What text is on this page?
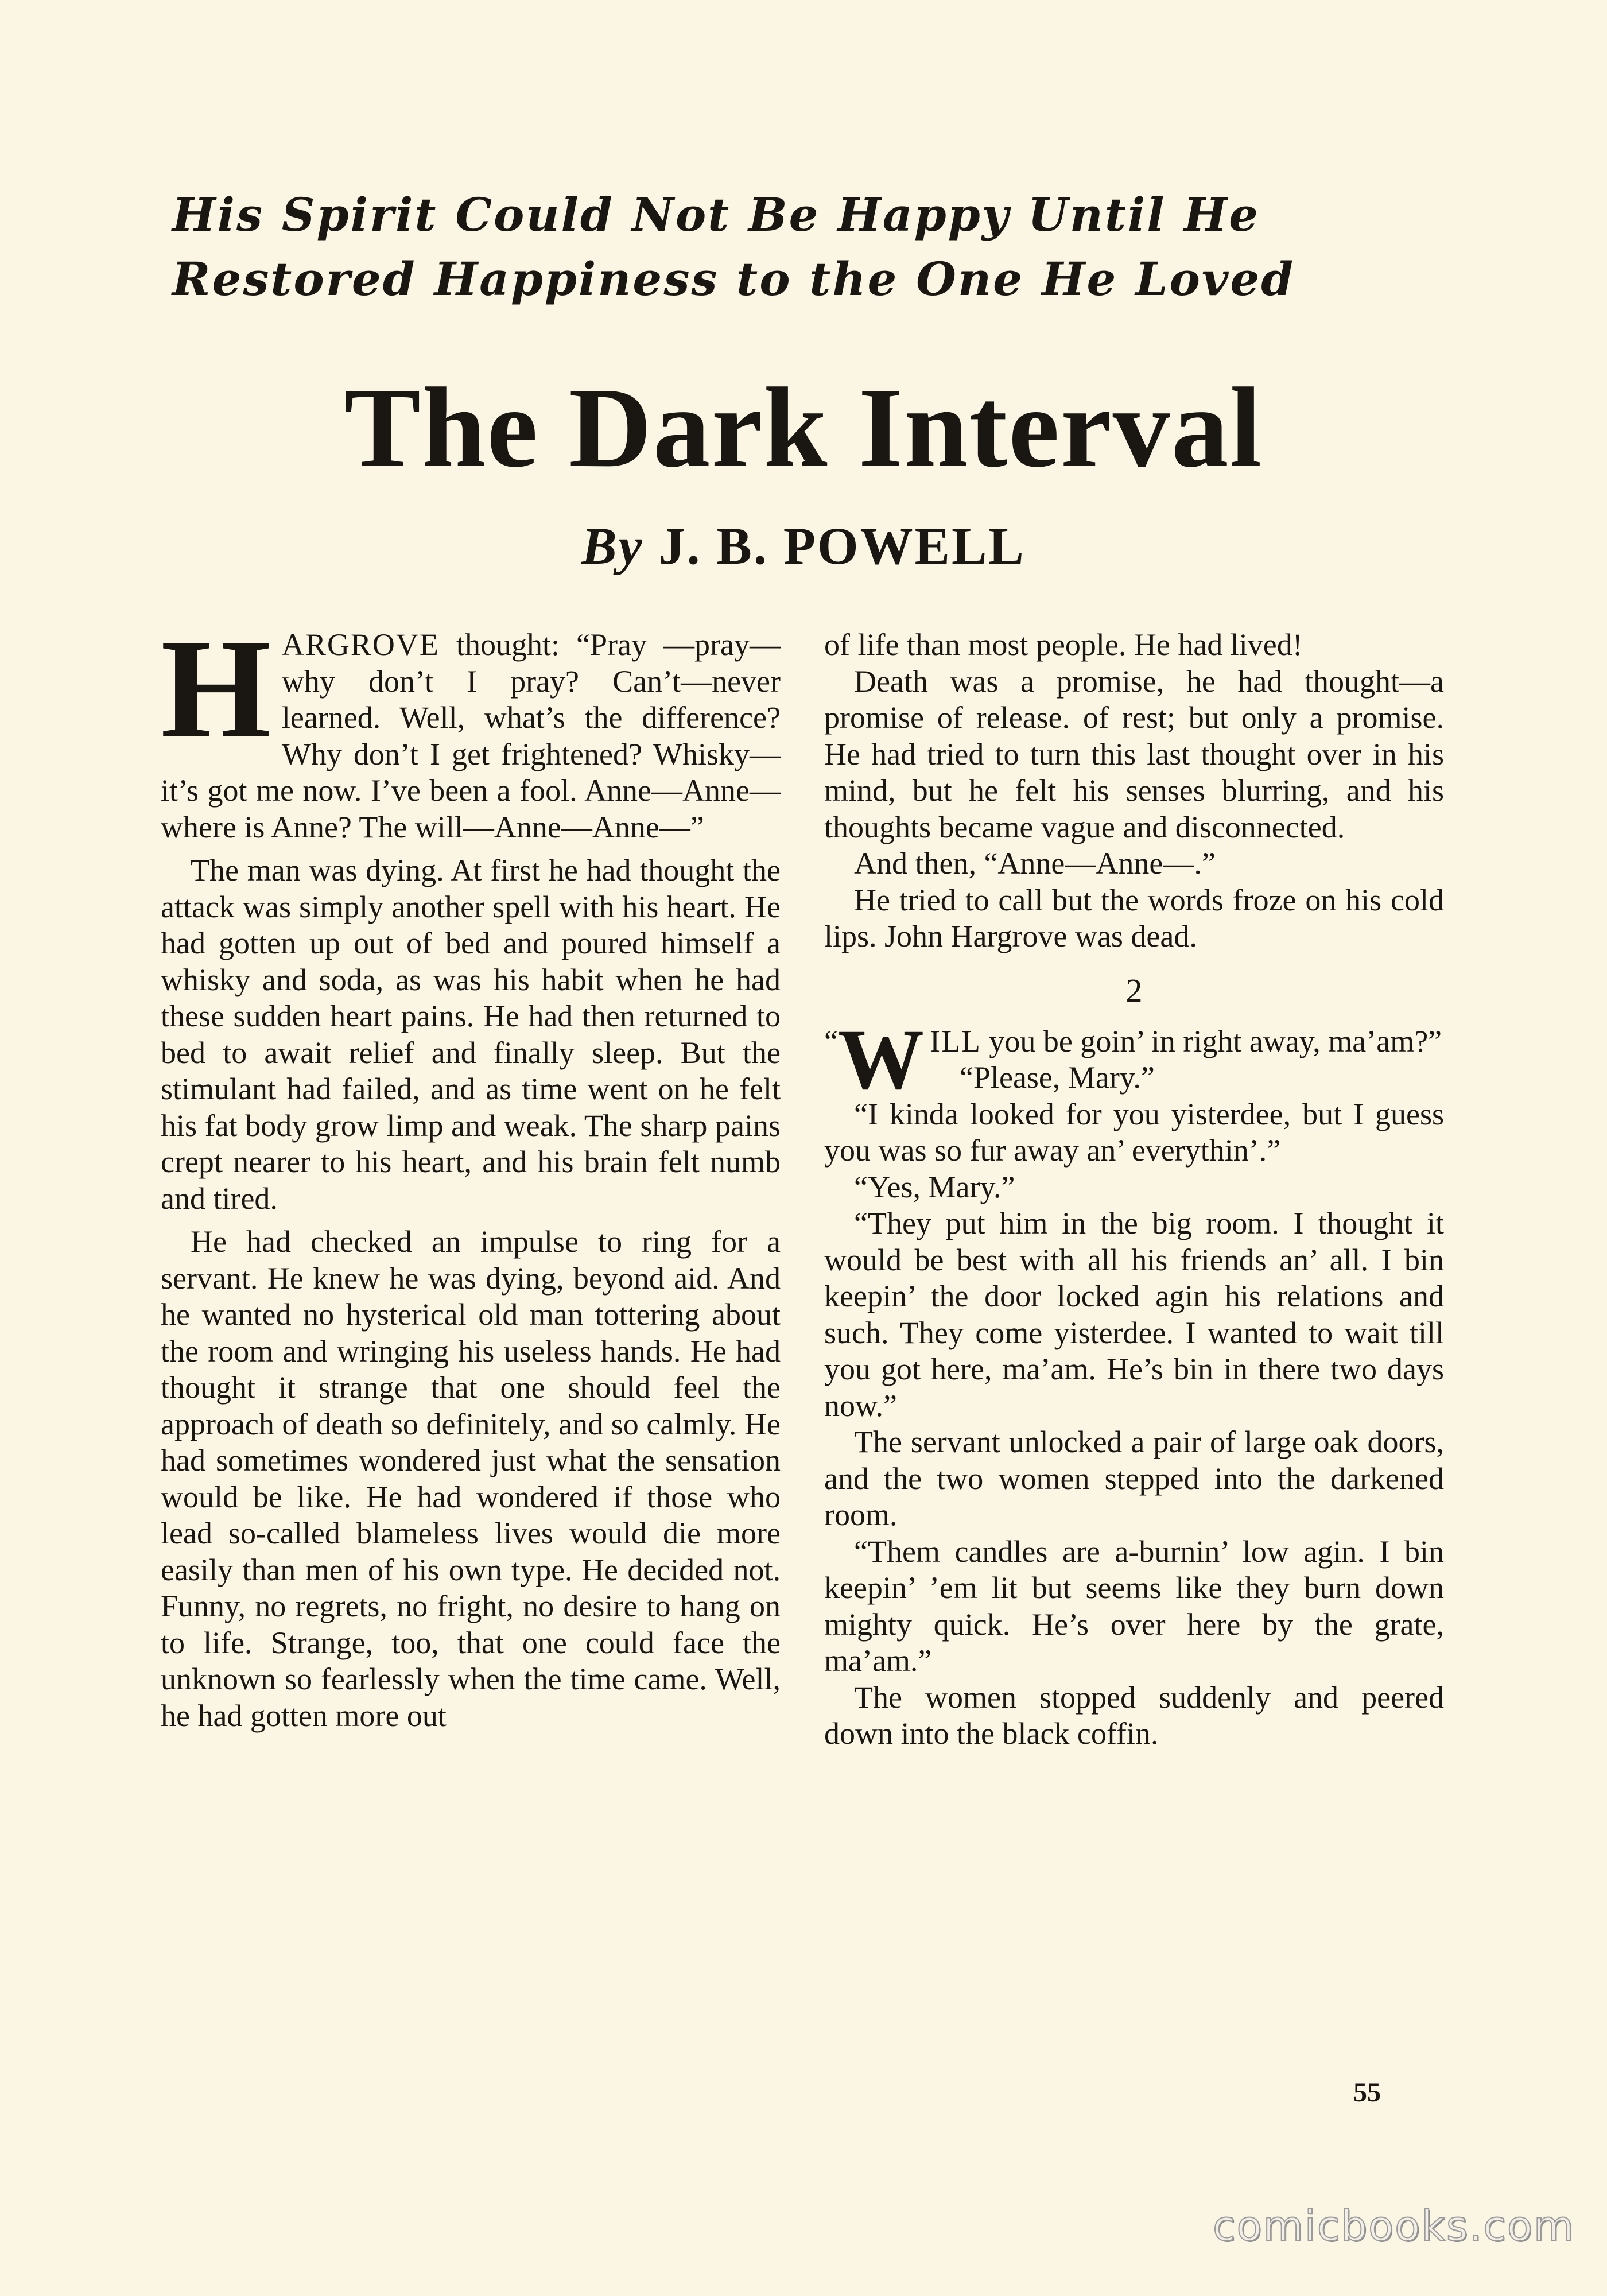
His Spirit Could Not Be Happy Until He
Restored Happiness to the One He Loved
The Dark Interval

By J. B. POWELL

HARGROVE thought: “Pray —pray—why don’t I pray? Can’t—never learned. Well, what’s the difference? Why don’t I get frightened? Whisky—it’s got me now. I’ve been a fool. Anne—Anne—where is Anne? The will—Anne—Anne—”

The man was dying. At first he had thought the attack was simply another spell with his heart. He had gotten up out of bed and poured himself a whisky and soda, as was his habit when he had these sudden heart pains. He had then returned to bed to await relief and finally sleep. But the stimulant had failed, and as time went on he felt his fat body grow limp and weak. The sharp pains crept nearer to his heart, and his brain felt numb and tired.

He had checked an impulse to ring for a servant. He knew he was dying, beyond aid. And he wanted no hysterical old man tottering about the room and wringing his useless hands. He had thought it strange that one should feel the approach of death so definitely, and so calmly. He had sometimes wondered just what the sensation would be like. He had wondered if those who lead so-called blameless lives would die more easily than men of his own type. He decided not. Funny, no regrets, no fright, no desire to hang on to life. Strange, too, that one could face the unknown so fearlessly when the time came. Well, he had gotten more out

of life than most people. He had lived!

Death was a promise, he had thought—a promise of release. of rest; but only a promise. He had tried to turn this last thought over in his mind, but he felt his senses blurring, and his thoughts became vague and disconnected.

And then, “Anne—Anne—.”

He tried to call but the words froze on his cold lips. John Hargrove was dead.

2

“ W ILL you be goin’ in right away, ma’am?”

“Please, Mary.”

“I kinda looked for you yisterdee, but I guess you was so fur away an’ everythin’.”

“Yes, Mary.”

“They put him in the big room. I thought it would be best with all his friends an’ all. I bin keepin’ the door locked agin his relations and such. They come yisterdee. I wanted to wait till you got here, ma’am. He’s bin in there two days now.”

The servant unlocked a pair of large oak doors, and the two women stepped into the darkened room.

“Them candles are a-burnin’ low agin. I bin keepin’ ’em lit but seems like they burn down mighty quick. He’s over here by the grate, ma’am.”

The women stopped suddenly and peered down into the black coffin.

55
comicbooks.com
